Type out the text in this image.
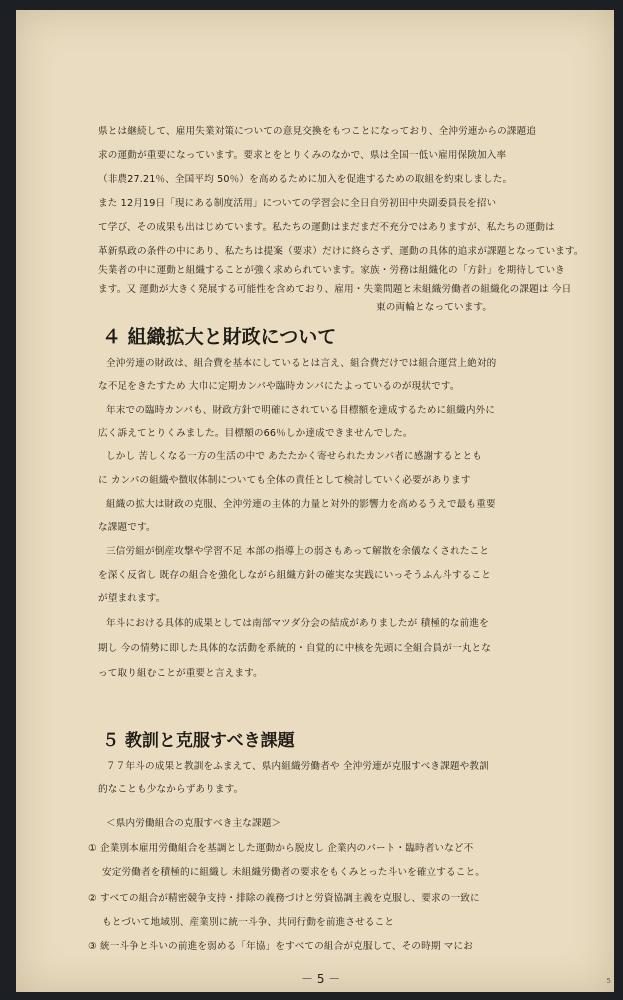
県とは継続して、雇用失業対策についての意見交換をもつことになっており、全沖労連からの課題追
求の運動が重要になっています。要求とをとりくみのなかで、県は全国一低い雇用保険加入率
（非農27.21％、全国平均 50％）を高めるために加入を促進するための取組を約束しました。
また 12月19日「現にある制度活用」についての学習会に全日自労初田中央副委員長を招い
て学び、その成果も出はじめています。私たちの運動はまだまだ不充分ではありますが、私たちの運動は
革新県政の条件の中にあり、私たちは提案（要求）だけに終らさず、運動の具体的追求が課題となっています。
失業者の中に運動と組織することが強く求められています。家族・労務は組織化の「方針」を期待していき
ます。又 運動が大きく発展する可能性を含めており、雇用・失業問題と未組織労働者の組織化の課題は 今日
東の両輪となっています。
４ 組織拡大と財政について
全沖労連の財政は、組合費を基本にしているとは言え、組合費だけでは組合運営上絶対的
な不足をきたすため 大巾に定期カンパや臨時カンパにたよっているのが現状です。
年末での臨時カンパも、財政方針で明確にされている目標額を達成するために組織内外に
広く訴えてとりくみました。目標額の66％しか達成できませんでした。
しかし 苦しくなる一方の生活の中で あたたかく寄せられたカンパ者に感謝するととも
に カンパの組織や徴収体制についても全体の責任として検討していく必要があります
組織の拡大は財政の克服、全沖労連の主体的力量と対外的影響力を高めるうえで最も重要
な課題です。
三信労組が倒産攻撃や学習不足 本部の指導上の弱さもあって解散を余儀なくされたこと
を深く反省し 既存の組合を強化しながら組織方針の確実な実践にいっそうふん斗すること
が望まれます。
年斗における具体的成果としては南部マツダ分会の結成がありましたが 積極的な前進を
期し 今の情勢に即した具体的な活動を系統的・自覚的に中核を先頭に全組合員が一丸とな
って取り組むことが重要と言えます。
５ 教訓と克服すべき課題
７７年斗の成果と教訓をふまえて、県内組織労働者や 全沖労連が克服すべき課題や教訓
的なことも少なからずあります。
＜県内労働組合の克服すべき主な課題＞
① 企業別本雇用労働組合を基調とした運動から脱皮し 企業内のパート・臨時者いなど不
安定労働者を積極的に組織し 未組織労働者の要求をもくみとった斗いを確立すること。
② すべての組合が精密競争支持・排除の義務づけと労資協調主義を克服し、要求の一致に
もとづいて地域別、産業別に統一斗争、共同行動を前進させること
③ 統一斗争と斗いの前進を弱める「年協」をすべての組合が克服して、その時期 マにお
－ 5 －	5
